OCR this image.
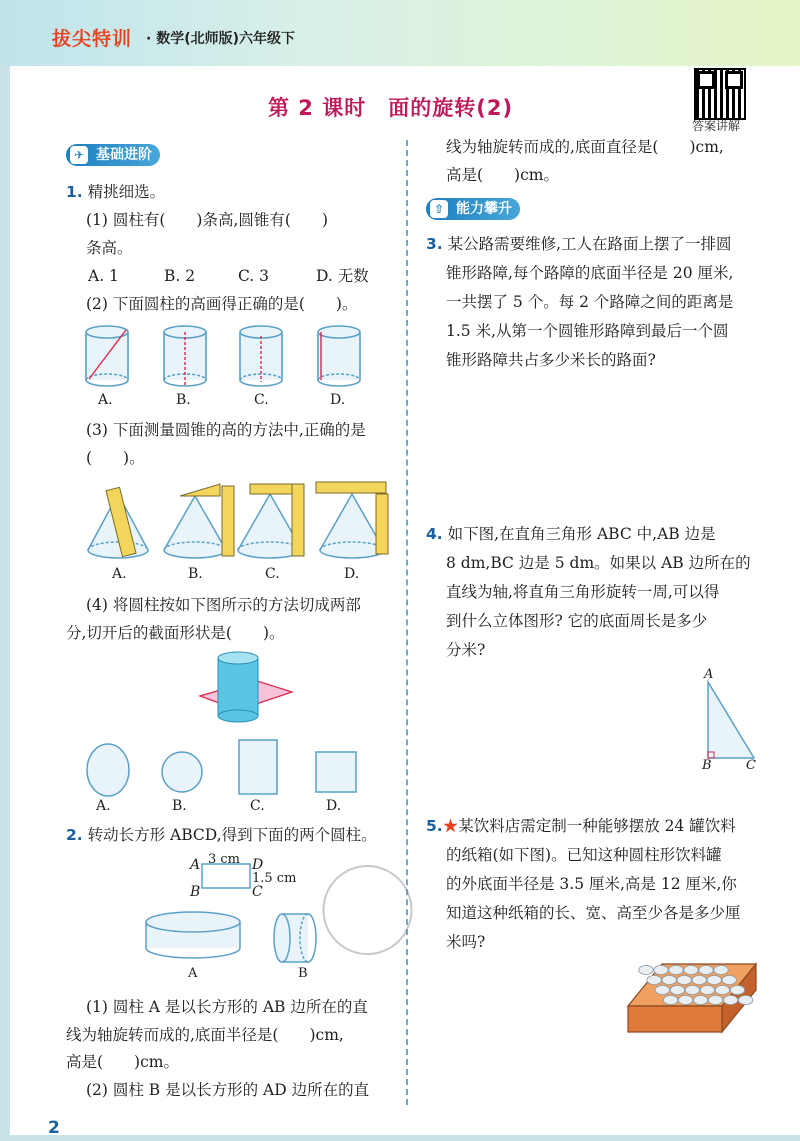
拔尖特训 · 数学(北师版)六年级下
第 2 课时　面的旋转(2)
答案讲解
✈ 基础进阶
1. 精挑细选。
(1) 圆柱有(　　)条高,圆锥有(　　)
条高。
A. 1	B. 2	C. 3	D. 无数
(2) 下面圆柱的高画得正确的是(　　)。
A.	B.	C.	D.
(3) 下面测量圆锥的高的方法中,正确的是
(　　)。
A.	B.	C.	D.
(4) 将圆柱按如下图所示的方法切成两部
分,切开后的截面形状是(　　)。
A.	B.	C.	D.
2. 转动长方形 ABCD,得到下面的两个圆柱。
A
B	C
D
3 cm
1.5 cm
A	B
(1) 圆柱 A 是以长方形的 AB 边所在的直
线为轴旋转而成的,底面半径是(　　)cm,
高是(　　)cm。
(2) 圆柱 B 是以长方形的 AD 边所在的直
线为轴旋转而成的,底面直径是(　　)cm,
高是(　　)cm。
⇧ 能力攀升
3. 某公路需要维修,工人在路面上摆了一排圆
锥形路障,每个路障的底面半径是 20 厘米,
一共摆了 5 个。每 2 个路障之间的距离是
1.5 米,从第一个圆锥形路障到最后一个圆
锥形路障共占多少米长的路面?
4. 如下图,在直角三角形 ABC 中,AB 边是
8 dm,BC 边是 5 dm。如果以 AB 边所在的
直线为轴,将直角三角形旋转一周,可以得
到什么立体图形? 它的底面周长是多少
分米?
A
B	C
5.★某饮料店需定制一种能够摆放 24 罐饮料
的纸箱(如下图)。已知这种圆柱形饮料罐
的外底面半径是 3.5 厘米,高是 12 厘米,你
知道这种纸箱的长、宽、高至少各是多少厘
米吗?
2
